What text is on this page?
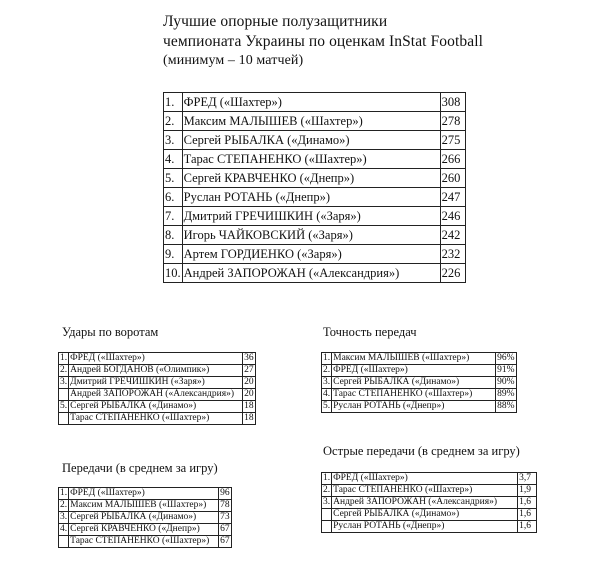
Лучшие опорные полузащитники
чемпионата Украины по оценкам InStat Football
(минимум – 10 матчей)
1.	ФРЕД («Шахтер»)	308
2.	Максим МАЛЫШЕВ («Шахтер»)	278
3.	Сергей РЫБАЛКА («Динамо»)	275
4.	Тарас СТЕПАНЕНКО («Шахтер»)	266
5.	Сергей КРАВЧЕНКО («Днепр»)	260
6.	Руслан РОТАНЬ («Днепр»)	247
7.	Дмитрий ГРЕЧИШКИН («Заря»)	246
8.	Игорь ЧАЙКОВСКИЙ («Заря»)	242
9.	Артем ГОРДИЕНКО («Заря»)	232
10.	Андрей ЗАПОРОЖАН («Александрия»)	226
Удары по воротам
1.	ФРЕД («Шахтер»)	36
2.	Андрей БОГДАНОВ («Олимпик»)	27
3.	Дмитрий ГРЕЧИШКИН («Заря»)	20
	Андрей ЗАПОРОЖАН («Александрия»)	20
5.	Сергей РЫБАЛКА («Динамо»)	18
	Тарас СТЕПАНЕНКО («Шахтер»)	18
Передачи (в среднем за игру)
1.	ФРЕД («Шахтер»)	96
2.	Максим МАЛЫШЕВ («Шахтер»)	78
3.	Сергей РЫБАЛКА («Динамо»)	73
4.	Сергей КРАВЧЕНКО («Днепр»)	67
	Тарас СТЕПАНЕНКО («Шахтер»)	67
Точность передач
1.	Максим МАЛЫШЕВ («Шахтер»)	96%
2.	ФРЕД («Шахтер»)	91%
3.	Сергей РЫБАЛКА («Динамо»)	90%
4.	Тарас СТЕПАНЕНКО («Шахтер»)	89%
5.	Руслан РОТАНЬ («Днепр»)	88%
Острые передачи (в среднем за игру)
1.	ФРЕД («Шахтер»)	3,7
2.	Тарас СТЕПАНЕНКО («Шахтер»)	1,9
3.	Андрей ЗАПОРОЖАН («Александрия»)	1,6
	Сергей РЫБАЛКА («Динамо»)	1,6
	Руслан РОТАНЬ («Днепр»)	1,6
